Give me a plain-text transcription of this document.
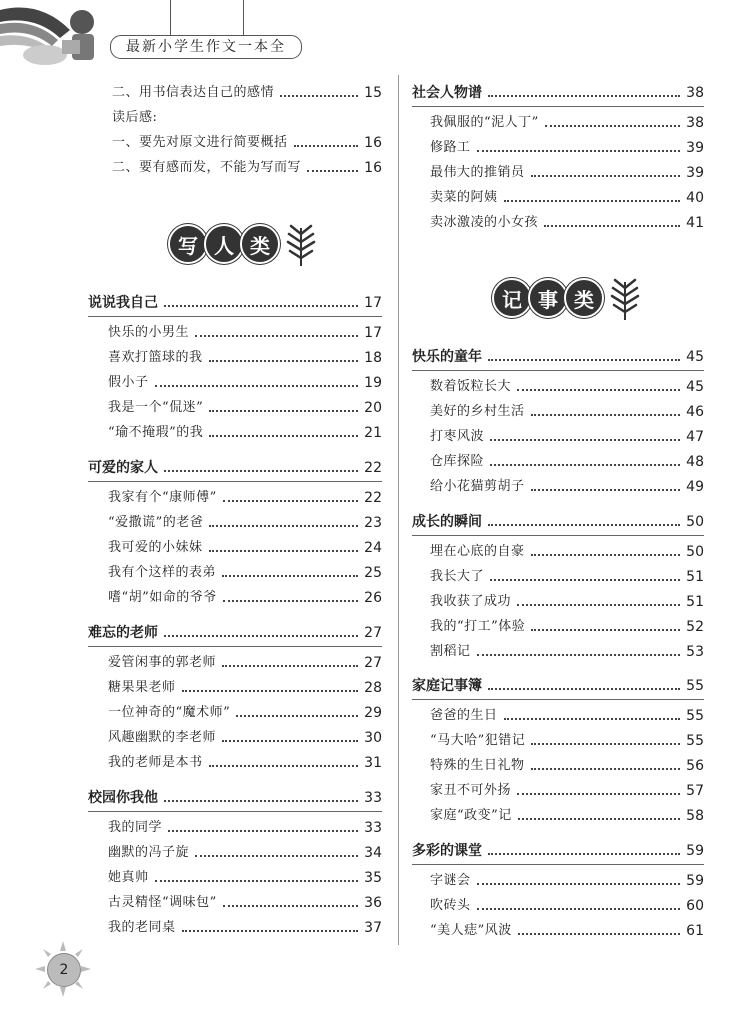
最新小学生作文一本全
二、用书信表达自己的感情	15
读后感:
一、要先对原文进行简要概括	16
二、要有感而发，不能为写而写	16
写 人 类
说说我自己	17
快乐的小男生	17
喜欢打篮球的我	18
假小子	19
我是一个“侃迷”	20
“瑜不掩瑕”的我	21
可爱的家人	22
我家有个“康师傅”	22
“爱撒谎”的老爸	23
我可爱的小妹妹	24
我有个这样的表弟	25
嗜“胡”如命的爷爷	26
难忘的老师	27
爱管闲事的郭老师	27
糖果果老师	28
一位神奇的“魔术师”	29
风趣幽默的李老师	30
我的老师是本书	31
校园你我他	33
我的同学	33
幽默的冯子旋	34
她真帅	35
古灵精怪“调味包”	36
我的老同桌	37
社会人物谱	38
我佩服的“泥人丁”	38
修路工	39
最伟大的推销员	39
卖菜的阿姨	40
卖冰激凌的小女孩	41
记 事 类
快乐的童年	45
数着饭粒长大	45
美好的乡村生活	46
打枣风波	47
仓库探险	48
给小花猫剪胡子	49
成长的瞬间	50
埋在心底的自豪	50
我长大了	51
我收获了成功	51
我的“打工”体验	52
割稻记	53
家庭记事簿	55
爸爸的生日	55
“马大哈”犯错记	55
特殊的生日礼物	56
家丑不可外扬	57
家庭“政变”记	58
多彩的课堂	59
字谜会	59
吹砖头	60
“美人痣”风波	61
2
